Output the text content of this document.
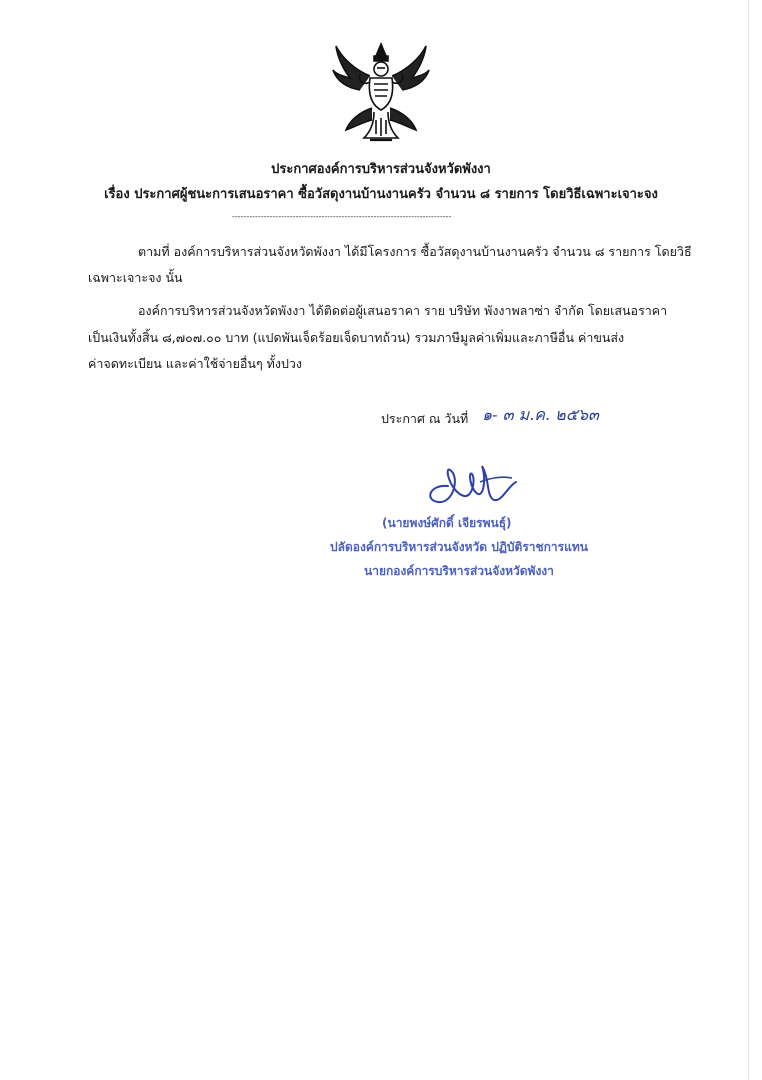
ประกาศองค์การบริหารส่วนจังหวัดพังงา
เรื่อง ประกาศผู้ชนะการเสนอราคา ซื้อวัสดุงานบ้านงานครัว จำนวน ๘ รายการ โดยวิธีเฉพาะเจาะจง
----------------------------------------------------------------------------
ตามที่ องค์การบริหารส่วนจังหวัดพังงา ได้มีโครงการ ซื้อวัสดุงานบ้านงานครัว จำนวน ๘ รายการ โดยวิธี
เฉพาะเจาะจง นั้น
องค์การบริหารส่วนจังหวัดพังงา ได้ติดต่อผู้เสนอราคา ราย บริษัท พังงาพลาซ่า จำกัด โดยเสนอราคา
เป็นเงินทั้งสิ้น ๘,๗๐๗.๐๐ บาท (แปดพันเจ็ดร้อยเจ็ดบาทถ้วน) รวมภาษีมูลค่าเพิ่มและภาษีอื่น ค่าขนส่ง
ค่าจดทะเบียน และค่าใช้จ่ายอื่นๆ ทั้งปวง
ประกาศ ณ วันที่ ๑- ๓ ม.ค. ๒๕๖๓
(นายพงษ์ศักดิ์ เจียรพนธุ์)
ปลัดองค์การบริหารส่วนจังหวัด ปฏิบัติราชการแทน
นายกองค์การบริหารส่วนจังหวัดพังงา
